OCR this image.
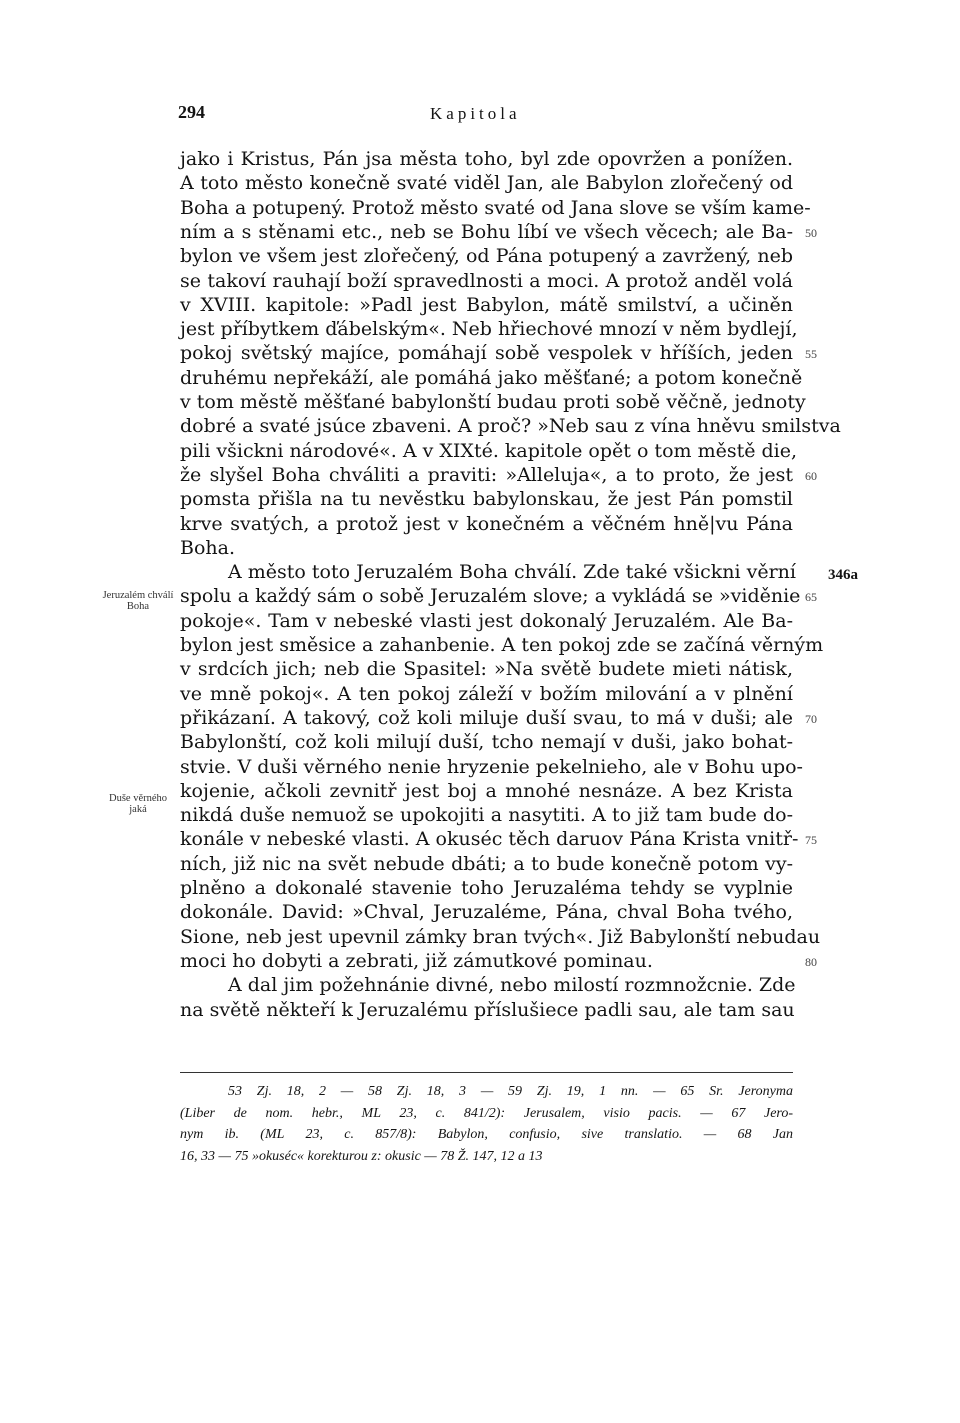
294	Kapitola
jako i Kristus, Pán jsa města toho, byl zde opovržen a ponížen.
A toto město konečně svaté viděl Jan, ale Babylon zlořečený od
Boha a potupený. Protož město svaté od Jana slove se vším kame-
ním a s stěnami etc., neb se Bohu líbí ve všech věcech; ale Ba-
bylon ve všem jest zlořečený, od Pána potupený a zavržený, neb
se takoví rauhají boží spravedlnosti a moci. A protož anděl volá
v XVIII. kapitole: »Padl jest Babylon, mátě smilství, a učiněn
jest příbytkem ďábelským«. Neb hřiechové mnozí v něm bydlejí,
pokoj světský majíce, pomáhají sobě vespolek v hříších, jeden
druhému nepřekáží, ale pomáhá jako měšťané; a potom konečně
v tom městě měšťané babylonští budau proti sobě věčně, jednoty
dobré a svaté jsúce zbaveni. A proč? »Neb sau z vína hněvu smilstva
pili všickni národové«. A v XIXté. kapitole opět o tom městě die,
že slyšel Boha chváliti a praviti: »Alleluja«, a to proto, že jest
pomsta přišla na tu nevěstku babylonskau, že jest Pán pomstil
krve svatých, a protož jest v konečném a věčném hně|vu Pána
Boha.
A město toto Jeruzalém Boha chválí. Zde také všickni věrní
spolu a každý sám o sobě Jeruzalém slove; a vykládá se »viděnie
pokoje«. Tam v nebeské vlasti jest dokonalý Jeruzalém. Ale Ba-
bylon jest směsice a zahanbenie. A ten pokoj zde se začíná věrným
v srdcích jich; neb die Spasitel: »Na světě budete mieti nátisk,
ve mně pokoj«. A ten pokoj záleží v božím milování a v plnění
přikázaní. A takový, což koli miluje duší svau, to má v duši; ale
Babylonští, což koli milují duší, tcho nemají v duši, jako bohat-
stvie. V duši věrného nenie hryzenie pekelnieho, ale v Bohu upo-
kojenie, ačkoli zevnitř jest boj a mnohé nesnáze. A bez Krista
nikdá duše nemuož se upokojiti a nasytiti. A to již tam bude do-
konále v nebeské vlasti. A okuséc těch daruov Pána Krista vnitř-
ních, již nic na svět nebude dbáti; a to bude konečně potom vy-
plněno a dokonalé stavenie toho Jeruzaléma tehdy se vyplnie
dokonále. David: »Chval, Jeruzaléme, Pána, chval Boha tvého,
Sione, neb jest upevnil zámky bran tvých«. Již Babylonští nebudau
moci ho dobyti a zebrati, již zámutkové pominau.
A dal jim požehnánie divné, nebo milostí rozmnožcnie. Zde
na světě někteří k Jeruzalému příslušiece padli sau, ale tam sau
50
55
60
65
70
75
80
346a
Jeruzalém chválí Boha
Duše věrného jaká
53 Zj. 18, 2 — 58 Zj. 18, 3 — 59 Zj. 19, 1 nn. — 65 Sr. Jeronyma
(Liber de nom. hebr., ML 23, c. 841/2): Jerusalem, visio pacis. — 67 Jero-
nym ib. (ML 23, c. 857/8): Babylon, confusio, sive translatio. — 68 Jan
16, 33 — 75 »okuséc« korekturou z: okusic — 78 Ž. 147, 12 a 13
